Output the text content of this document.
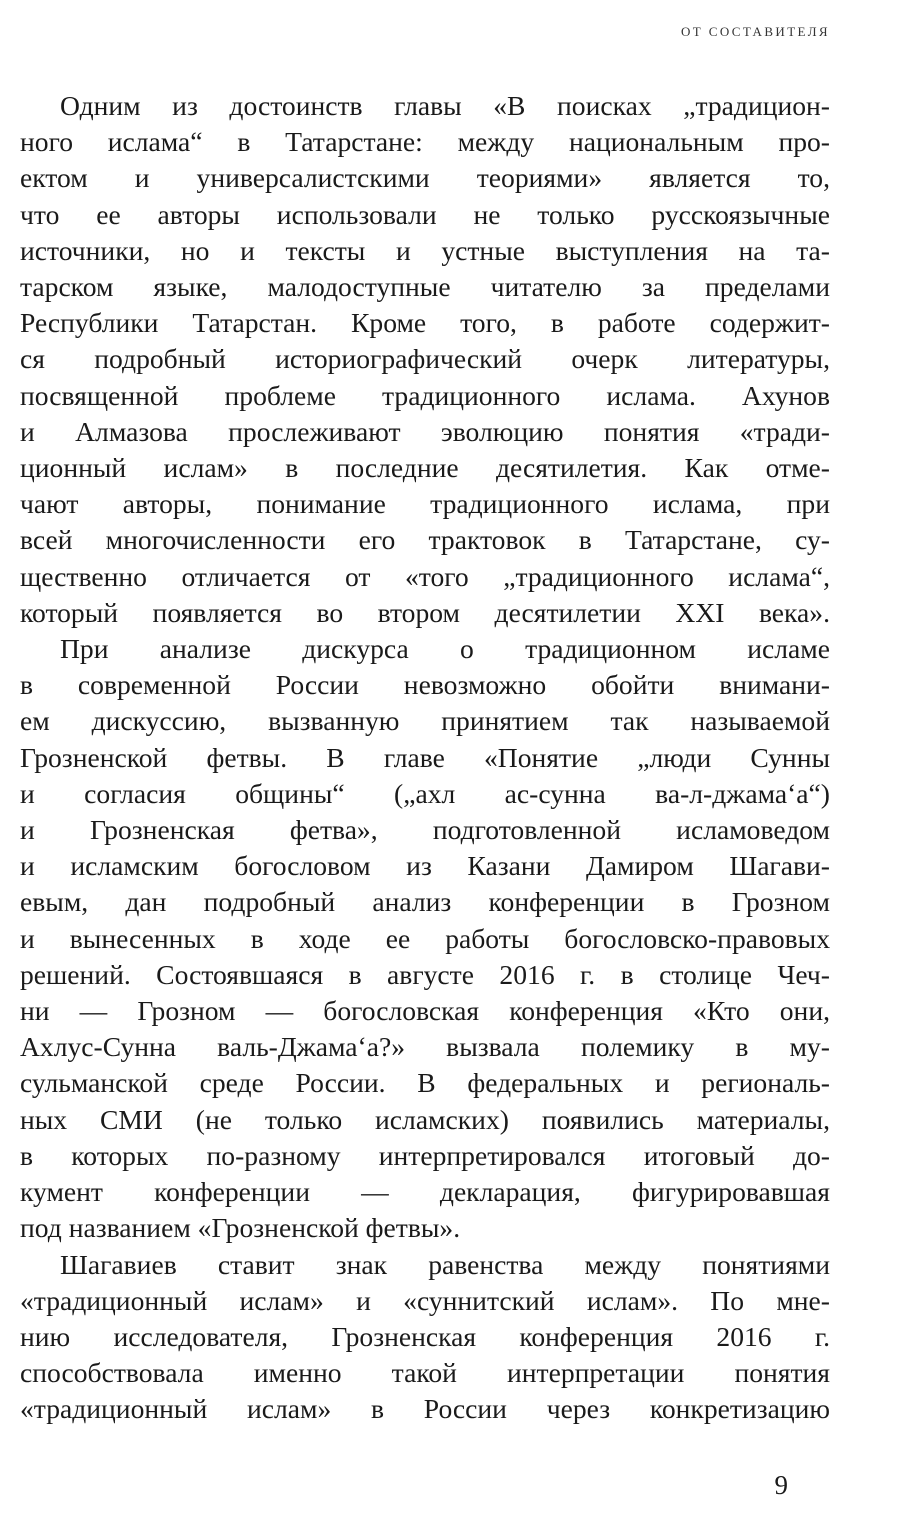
ОТ СОСТАВИТЕЛЯ

Одним из достоинств главы «В поисках „традицион-
ного ислама“ в Татарстане: между национальным про-
ектом и универсалистскими теориями» является то,
что ее авторы использовали не только русскоязычные
источники, но и тексты и устные выступления на та-
тарском языке, малодоступные читателю за пределами
Республики Татарстан. Кроме того, в работе содержит-
ся подробный историографический очерк литературы,
посвященной проблеме традиционного ислама. Ахунов
и Алмазова прослеживают эволюцию понятия «тради-
ционный ислам» в последние десятилетия. Как отме-
чают авторы, понимание традиционного ислама, при
всей многочисленности его трактовок в Татарстане, су-
щественно отличается от «того „традиционного ислама“,
который появляется во втором десятилетии XXI века».

При анализе дискурса о традиционном исламе
в современной России невозможно обойти внимани-
ем дискуссию, вызванную принятием так называемой
Грозненской фетвы. В главе «Понятие „люди Сунны
и согласия общины“ („ахл ас-сунна ва-л-джама‘а“)
и Грозненская фетва», подготовленной исламоведом
и исламским богословом из Казани Дамиром Шагави-
евым, дан подробный анализ конференции в Грозном
и вынесенных в ходе ее работы богословско-правовых
решений. Состоявшаяся в августе 2016 г. в столице Чеч-
ни — Грозном — богословская конференция «Кто они,
Ахлус-Сунна валь-Джама‘а?» вызвала полемику в му-
сульманской среде России. В федеральных и региональ-
ных СМИ (не только исламских) появились материалы,
в которых по-разному интерпретировался итоговый до-
кумент конференции — декларация, фигурировавшая
под названием «Грозненской фетвы».

Шагавиев ставит знак равенства между понятиями
«традиционный ислам» и «суннитский ислам». По мне-
нию исследователя, Грозненская конференция 2016 г.
способствовала именно такой интерпретации понятия
«традиционный ислам» в России через конкретизацию

9
